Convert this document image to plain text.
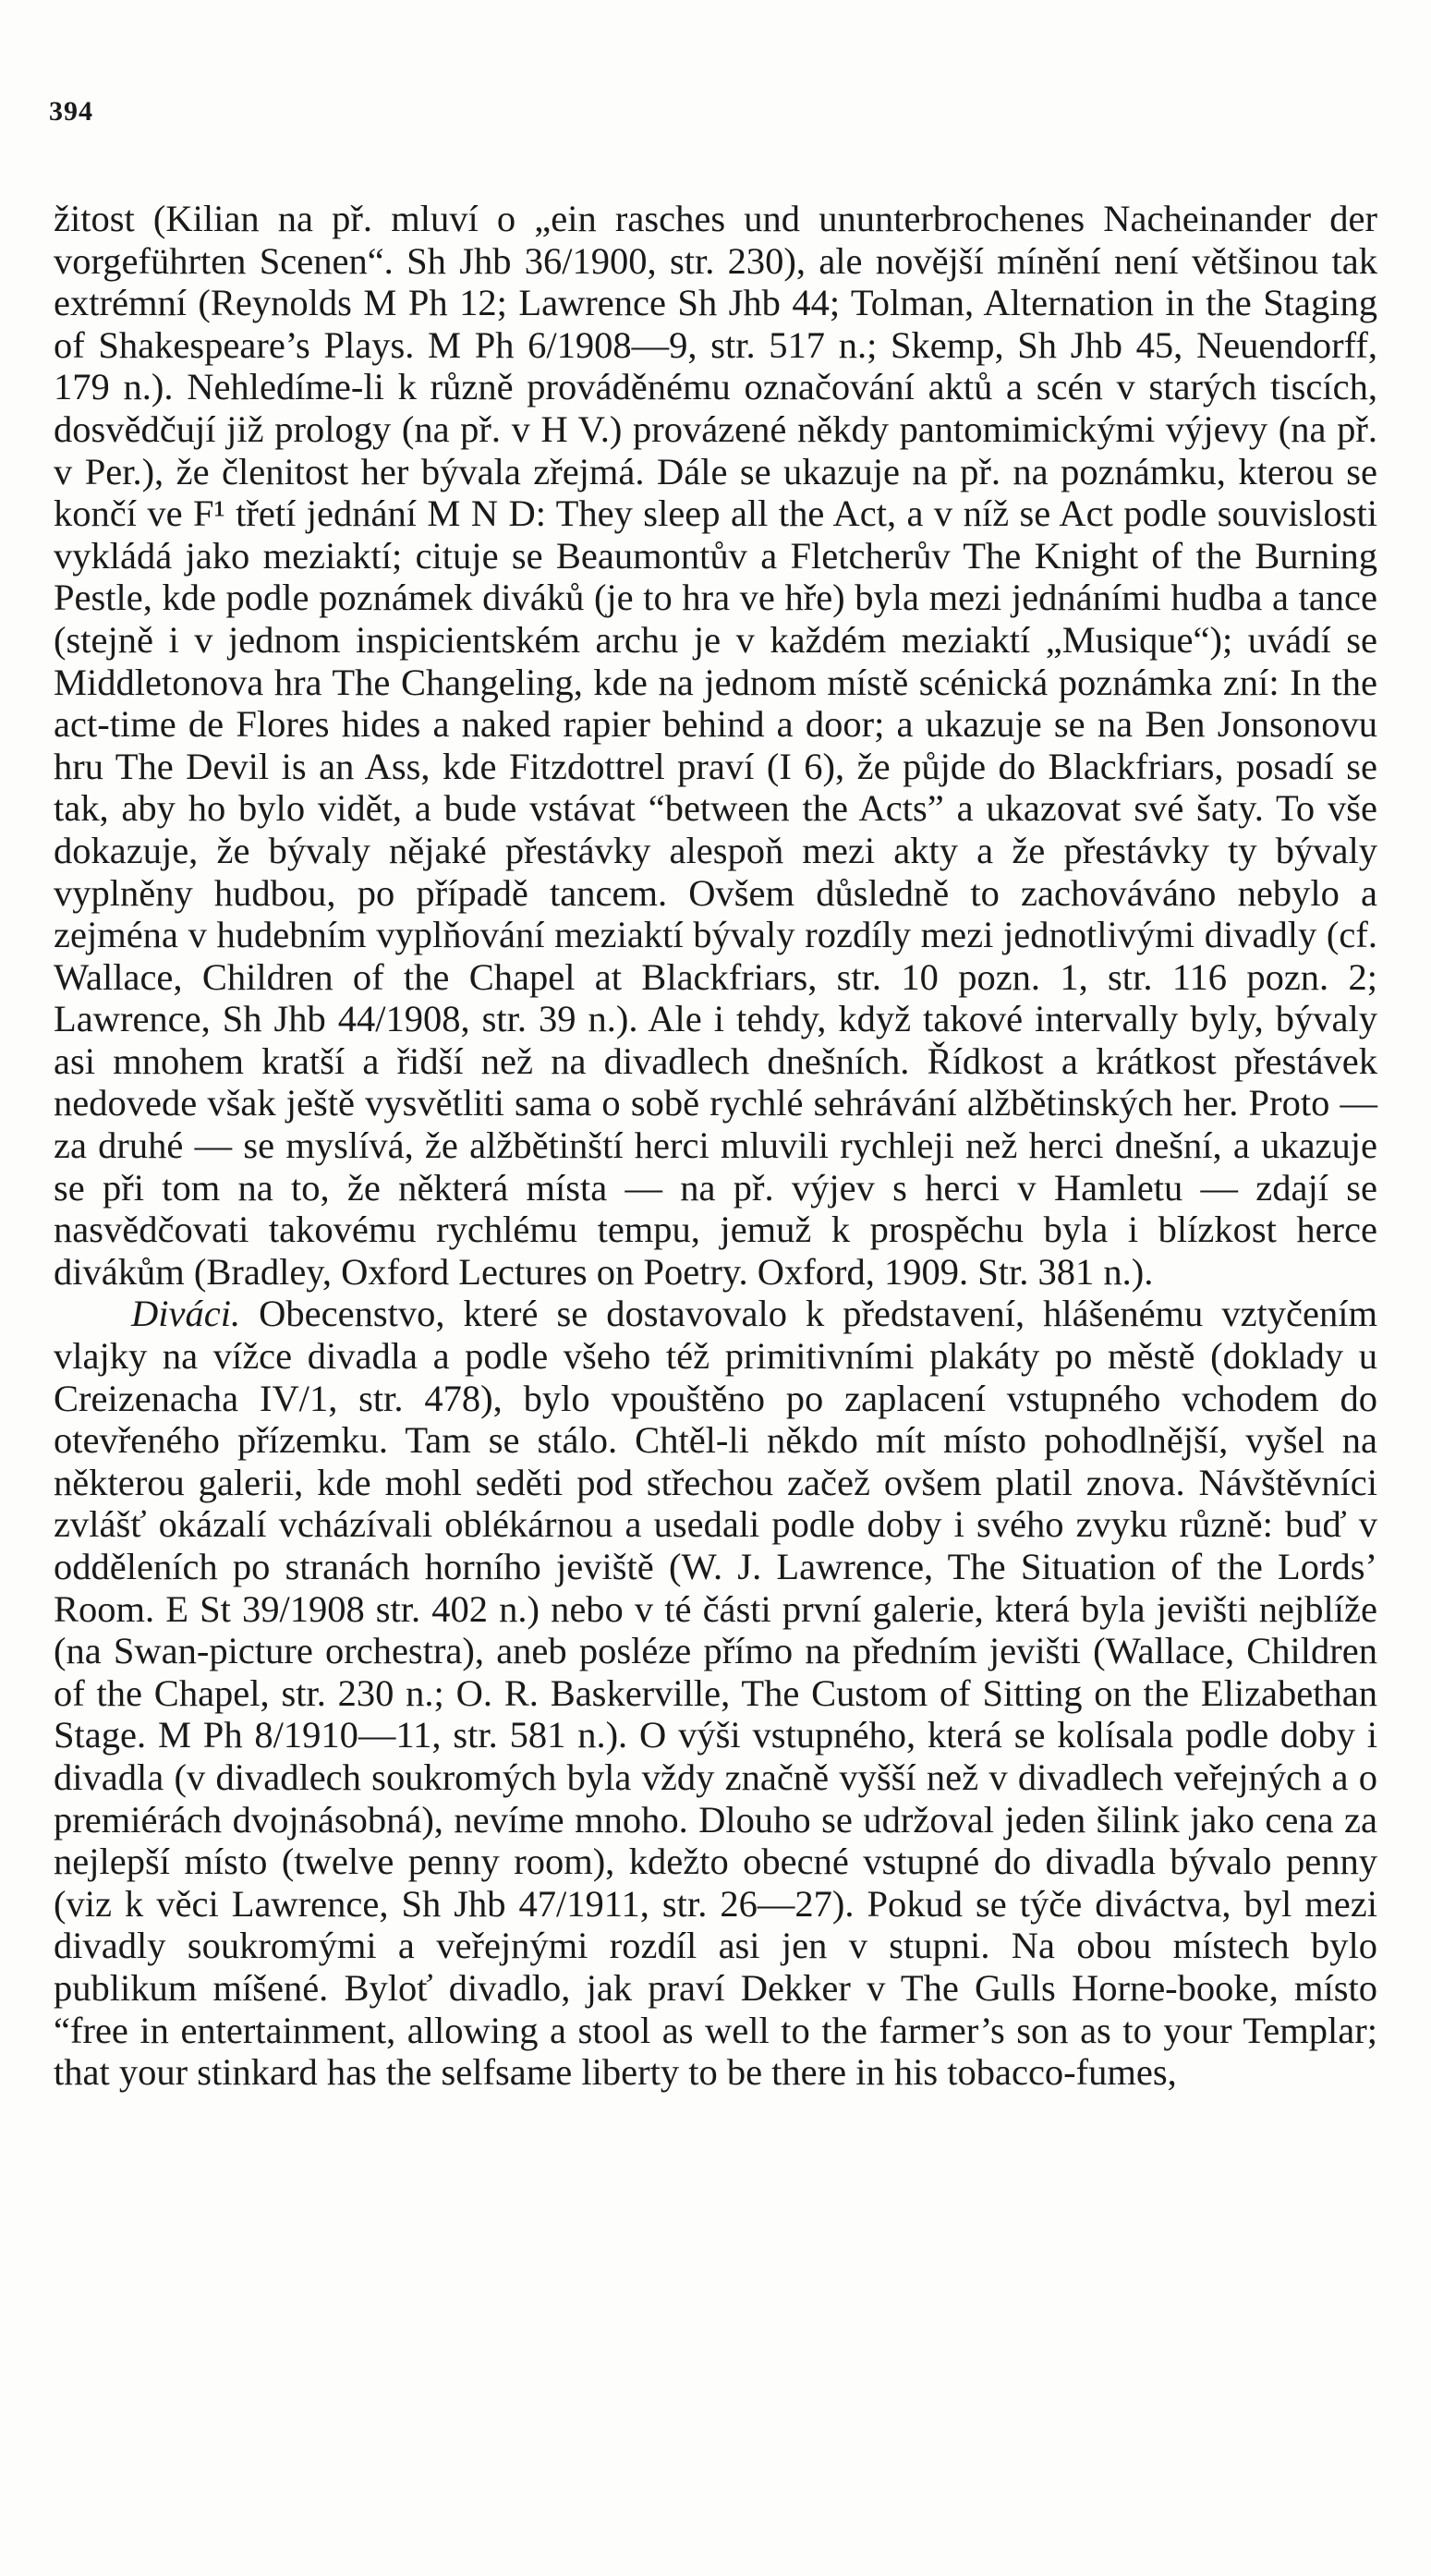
394

žitost (Kilian na př. mluví o „ein rasches und ununterbrochenes Nacheinander der vorgeführten Scenen“. Sh Jhb 36/1900, str. 230), ale novější mínění není většinou tak extrémní (Reynolds M Ph 12; Lawrence Sh Jhb 44; Tolman, Alternation in the Staging of Shakespeare’s Plays. M Ph 6/1908—9, str. 517 n.; Skemp, Sh Jhb 45, Neuendorff, 179 n.). Nehledíme-li k různě prováděnému označování aktů a scén v starých tiscích, dosvědčují již prology (na př. v H V.) provázené někdy pantomimickými výjevy (na př. v Per.), že členitost her bývala zřejmá. Dále se ukazuje na př. na poznámku, kterou se končí ve F¹ třetí jednání M N D: They sleep all the Act, a v níž se Act podle souvislosti vykládá jako meziaktí; cituje se Beaumontův a Fletcherův The Knight of the Burning Pestle, kde podle poznámek diváků (je to hra ve hře) byla mezi jednáními hudba a tance (stejně i v jednom inspicientském archu je v každém meziaktí „Musique“); uvádí se Middletonova hra The Changeling, kde na jednom místě scénická poznámka zní: In the act-time de Flores hides a naked rapier behind a door; a ukazuje se na Ben Jonsonovu hru The Devil is an Ass, kde Fitzdottrel praví (I 6), že půjde do Blackfriars, posadí se tak, aby ho bylo vidět, a bude vstávat “between the Acts” a ukazovat své šaty. To vše dokazuje, že bývaly nějaké přestávky alespoň mezi akty a že přestávky ty bývaly vyplněny hudbou, po případě tancem. Ovšem důsledně to zachováváno nebylo a zejména v hudebním vyplňování meziaktí bývaly rozdíly mezi jednotlivými divadly (cf. Wallace, Children of the Chapel at Blackfriars, str. 10 pozn. 1, str. 116 pozn. 2; Lawrence, Sh Jhb 44/1908, str. 39 n.). Ale i tehdy, když takové intervally byly, bývaly asi mnohem kratší a řidší než na divadlech dnešních. Řídkost a krátkost přestávek nedovede však ještě vysvětliti sama o sobě rychlé sehrávání alžbětinských her. Proto — za druhé — se myslívá, že alžbětinští herci mluvili rychleji než herci dnešní, a ukazuje se při tom na to, že některá místa — na př. výjev s herci v Hamletu — zdají se nasvědčovati takovému rychlému tempu, jemuž k prospěchu byla i blízkost herce divákům (Bradley, Oxford Lectures on Poetry. Oxford, 1909. Str. 381 n.).

Diváci. Obecenstvo, které se dostavovalo k představení, hlášenému vztyčením vlajky na vížce divadla a podle všeho též primitivními plakáty po městě (doklady u Creizenacha IV/1, str. 478), bylo vpouštěno po zaplacení vstupného vchodem do otevřeného přízemku. Tam se stálo. Chtěl-li někdo mít místo pohodlnější, vyšel na některou galerii, kde mohl seděti pod střechou začež ovšem platil znova. Návštěvníci zvlášť okázalí vcházívali oblékárnou a usedali podle doby i svého zvyku různě: buď v odděleních po stranách horního jeviště (W. J. Lawrence, The Situation of the Lords’ Room. E St 39/1908 str. 402 n.) nebo v té části první galerie, která byla jevišti nejblíže (na Swan-picture orchestra), aneb posléze přímo na předním jevišti (Wallace, Children of the Chapel, str. 230 n.; O. R. Baskerville, The Custom of Sitting on the Elizabethan Stage. M Ph 8/1910—11, str. 581 n.). O výši vstupného, která se kolísala podle doby i divadla (v divadlech soukromých byla vždy značně vyšší než v divadlech veřejných a o premiérách dvojnásobná), nevíme mnoho. Dlouho se udržoval jeden šilink jako cena za nejlepší místo (twelve penny room), kdežto obecné vstupné do divadla bývalo penny (viz k věci Lawrence, Sh Jhb 47/1911, str. 26—27). Pokud se týče diváctva, byl mezi divadly soukromými a veřejnými rozdíl asi jen v stupni. Na obou místech bylo publikum míšené. Byloť divadlo, jak praví Dekker v The Gulls Horne-booke, místo “free in entertainment, allowing a stool as well to the farmer’s son as to your Templar; that your stinkard has the selfsame liberty to be there in his tobacco-fumes,
